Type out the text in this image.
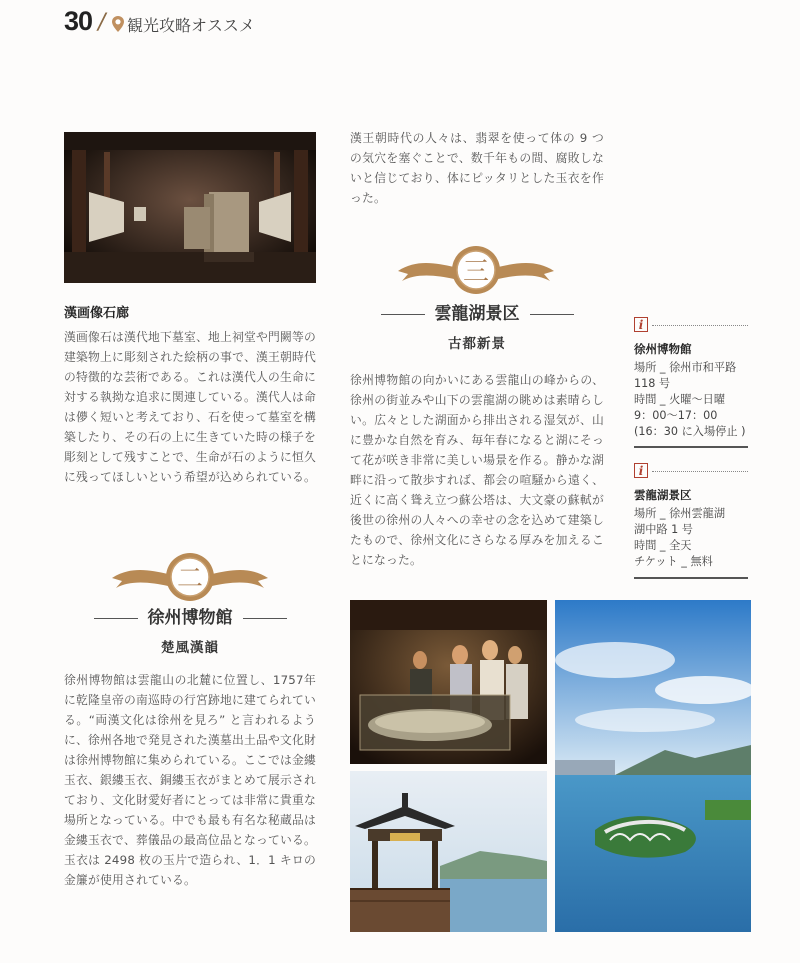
30 / 観光攻略オススメ
漢画像石廊
漢画像石は漢代地下墓室、地上祠堂や門闕等の建築物上に彫刻された絵柄の事で、漢王朝時代の特徴的な芸術である。これは漢代人の生命に対する執拗な追求に関連している。漢代人は命は儚く短いと考えており、石を使って墓室を構築したり、その石の上に生きていた時の様子を彫刻として残すことで、生命が石のように恒久に残ってほしいという希望が込められている。
二
徐州博物館
楚風漢韻
徐州博物館は雲龍山の北麓に位置し、1757年に乾隆皇帝の南巡時の行宮跡地に建てられている。“両漢文化は徐州を見ろ” と言われるように、徐州各地で発見された漢墓出土品や文化財は徐州博物館に集められている。ここでは金縷玉衣、銀縷玉衣、銅縷玉衣がまとめて展示されており、文化財愛好者にとっては非常に貴重な場所となっている。中でも最も有名な秘蔵品は金縷玉衣で、葬儀品の最高位品となっている。玉衣は 2498 枚の玉片で造られ、1．1 キロの金簾が使用されている。
漢王朝時代の人々は、翡翠を使って体の 9 つの気穴を塞ぐことで、数千年もの間、腐敗しないと信じており、体にピッタリとした玉衣を作った。
三
雲龍湖景区
古都新景
徐州博物館の向かいにある雲龍山の峰からの、徐州の街並みや山下の雲龍湖の眺めは素晴らしい。広々とした湖面から排出される湿気が、山に豊かな自然を育み、毎年春になると湖にそって花が咲き非常に美しい場景を作る。静かな湖畔に沿って散歩すれば、都会の喧騒から遠く、近くに高く聳え立つ蘇公塔は、大文豪の蘇軾が後世の徐州の人々への幸せの念を込めて建築したもので、徐州文化にさらなる厚みを加えることになった。
i
徐州博物館
場所 _ 徐州市和平路
118 号
時間 _ 火曜～日曜
9：00～17：00
(16：30 に入場停止 )
i
雲龍湖景区
場所 _ 徐州雲龍湖
湖中路 1 号
時間 _ 全天
チケット _ 無料
